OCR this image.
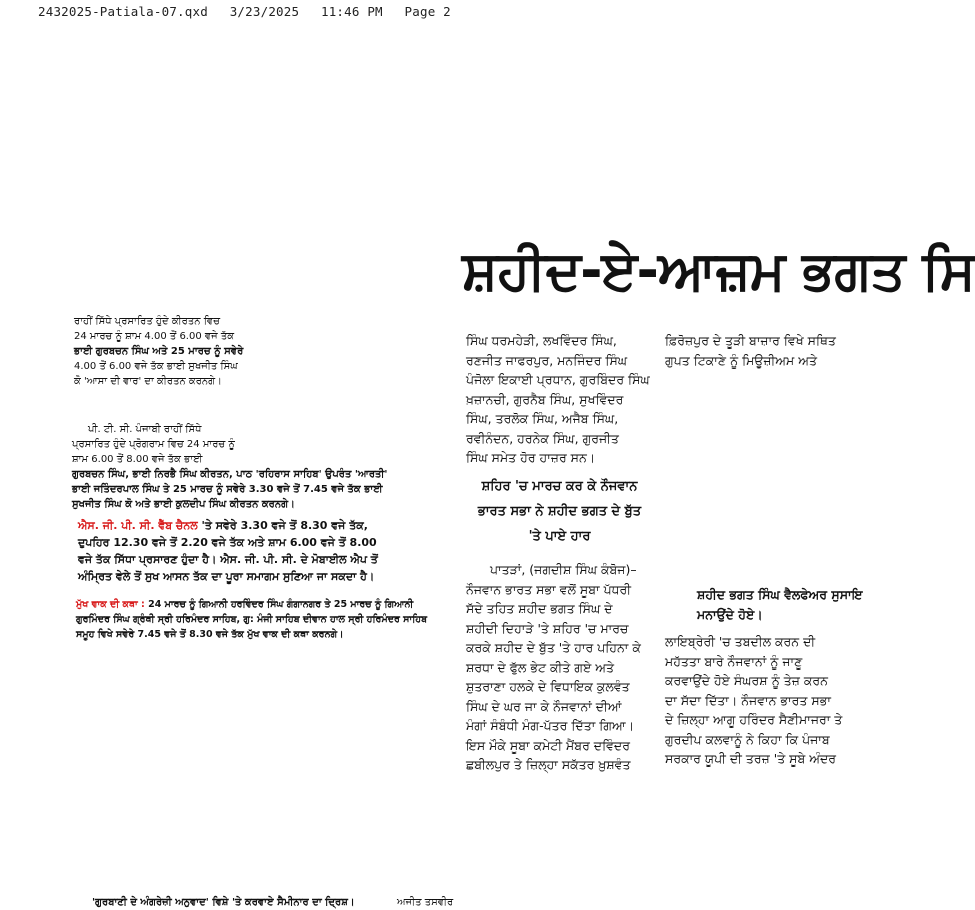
2432025-Patiala-07.qxd 3/23/2025 11:46 PM Page 2
ਸ਼ਹੀਦ-ਏ-ਆਜ਼ਮ ਭਗਤ ਸਿ
ਰਾਹੀਂ ਸਿੱਧੇ ਪ੍ਰਸਾਰਿਤ ਹੁੰਦੇ ਕੀਰਤਨ ਵਿਚ
24 ਮਾਰਚ ਨੂੰ ਸ਼ਾਮ 4.00 ਤੋਂ 6.00 ਵਜੇ ਤੱਕ
ਭਾਈ ਗੁਰਬਚਨ ਸਿੰਘ ਅਤੇ 25 ਮਾਰਚ ਨੂੰ ਸਵੇਰੇ
4.00 ਤੋਂ 6.00 ਵਜੇ ਤੱਕ ਭਾਈ ਸੁਖਜੀਤ ਸਿੰਘ
ਕੋ 'ਆਸਾ ਦੀ ਵਾਰ' ਦਾ ਕੀਰਤਨ ਕਰਨਗੇ।
ਪੀ. ਟੀ. ਸੀ. ਪੰਜਾਬੀ ਰਾਹੀਂ ਸਿੱਧੇ
ਪ੍ਰਸਾਰਿਤ ਹੁੰਦੇ ਪ੍ਰੋਗਰਾਮ ਵਿਚ 24 ਮਾਰਚ ਨੂੰ
ਸ਼ਾਮ 6.00 ਤੋਂ 8.00 ਵਜੇ ਤੱਕ ਭਾਈ
ਗੁਰਬਚਨ ਸਿੰਘ, ਭਾਈ ਨਿਰਭੈ ਸਿੰਘ ਕੀਰਤਨ, ਪਾਠ 'ਰਹਿਰਾਸ ਸਾਹਿਬ' ਉਪਰੰਤ 'ਆਰਤੀ'
ਭਾਈ ਜਤਿੰਦਰਪਾਲ ਸਿੰਘ ਤੇ 25 ਮਾਰਚ ਨੂੰ ਸਵੇਰੇ 3.30 ਵਜੇ ਤੋਂ 7.45 ਵਜੇ ਤੱਕ ਭਾਈ
ਸੁਖਜੀਤ ਸਿੰਘ ਕੋ ਅਤੇ ਭਾਈ ਕੁਲਦੀਪ ਸਿੰਘ ਕੀਰਤਨ ਕਰਨਗੇ।
ਐਸ. ਜੀ. ਪੀ. ਸੀ. ਵੈੱਬ ਚੈਨਲ 'ਤੇ ਸਵੇਰੇ 3.30 ਵਜੇ ਤੋਂ 8.30 ਵਜੇ ਤੱਕ,
ਦੁਪਹਿਰ 12.30 ਵਜੇ ਤੋਂ 2.20 ਵਜੇ ਤੱਕ ਅਤੇ ਸ਼ਾਮ 6.00 ਵਜੇ ਤੋਂ 8.00
ਵਜੇ ਤੱਕ ਸਿੱਧਾ ਪ੍ਰਸਾਰਣ ਹੁੰਦਾ ਹੈ। ਐਸ. ਜੀ. ਪੀ. ਸੀ. ਦੇ ਮੋਬਾਈਲ ਐਪ ਤੋਂ
ਅੰਮ੍ਰਿਤ ਵੇਲੇ ਤੋਂ ਸੁਖ ਆਸਨ ਤੱਕ ਦਾ ਪੂਰਾ ਸਮਾਗਮ ਸੁਣਿਆ ਜਾ ਸਕਦਾ ਹੈ।
ਮੁੱਖ ਵਾਕ ਦੀ ਕਥਾ : 24 ਮਾਰਚ ਨੂੰ ਗਿਆਨੀ ਹਰਵਿੰਦਰ ਸਿੰਘ ਗੰਗਾਨਗਰ ਤੇ 25 ਮਾਰਚ ਨੂੰ ਗਿਆਨੀ
ਗੁਰਮਿੰਦਰ ਸਿੰਘ ਗ੍ਰੰਥੀ ਸ੍ਰੀ ਹਰਿਮੰਦਰ ਸਾਹਿਬ, ਗੁ: ਮੰਜੀ ਸਾਹਿਬ ਦੀਵਾਨ ਹਾਲ ਸ੍ਰੀ ਹਰਿਮੰਦਰ ਸਾਹਿਬ
ਸਮੂਹ ਵਿਖੇ ਸਵੇਰੇ 7.45 ਵਜੇ ਤੋਂ 8.30 ਵਜੇ ਤੱਕ ਮੁੱਖ ਵਾਕ ਦੀ ਕਥਾ ਕਰਨਗੇ।
'ਗੁਰਬਾਣੀ ਦੇ ਅੰਗਰੇਜ਼ੀ ਅਨੁਵਾਦ' ਵਿਸ਼ੇ 'ਤੇ ਕਰਵਾਏ ਸੈਮੀਨਾਰ ਦਾ ਦ੍ਰਿਸ਼।	ਅਜੀਤ ਤਸਵੀਰ
ਸਿੰਘ ਧਰਮਹੇੜੀ, ਲਖਵਿੰਦਰ ਸਿੰਘ,
ਰਣਜੀਤ ਜਾਫਰਪੁਰ, ਮਨਜਿੰਦਰ ਸਿੰਘ
ਪੰਜੋਲਾ ਇਕਾਈ ਪ੍ਰਧਾਨ, ਗੁਰਬਿੰਦਰ ਸਿੰਘ
ਖ਼ਜ਼ਾਨਚੀ, ਗੁਰਨੈਬ ਸਿੰਘ, ਸੁਖਵਿੰਦਰ
ਸਿੰਘ, ਤਰਲੋਕ ਸਿੰਘ, ਅਜੈਬ ਸਿੰਘ,
ਰਵੀਨੰਦਨ, ਹਰਨੇਕ ਸਿੰਘ, ਗੁਰਜੀਤ
ਸਿੰਘ ਸਮੇਤ ਹੋਰ ਹਾਜ਼ਰ ਸਨ।
ਸ਼ਹਿਰ 'ਚ ਮਾਰਚ ਕਰ ਕੇ ਨੌਜਵਾਨ
ਭਾਰਤ ਸਭਾ ਨੇ ਸ਼ਹੀਦ ਭਗਤ ਦੇ ਬੁੱਤ
'ਤੇ ਪਾਏ ਹਾਰ
ਪਾਤੜਾਂ, (ਜਗਦੀਸ਼ ਸਿੰਘ ਕੰਬੋਜ)–
ਨੌਜਵਾਨ ਭਾਰਤ ਸਭਾ ਵਲੋਂ ਸੂਬਾ ਪੱਧਰੀ
ਸੱਦੇ ਤਹਿਤ ਸ਼ਹੀਦ ਭਗਤ ਸਿੰਘ ਦੇ
ਸ਼ਹੀਦੀ ਦਿਹਾੜੇ 'ਤੇ ਸ਼ਹਿਰ 'ਚ ਮਾਰਚ
ਕਰਕੇ ਸ਼ਹੀਦ ਦੇ ਬੁੱਤ 'ਤੇ ਹਾਰ ਪਹਿਨਾ ਕੇ
ਸ਼ਰਧਾ ਦੇ ਫੁੱਲ ਭੇਟ ਕੀਤੇ ਗਏ ਅਤੇ
ਸ਼ੁਤਰਾਣਾ ਹਲਕੇ ਦੇ ਵਿਧਾਇਕ ਕੁਲਵੰਤ
ਸਿੰਘ ਦੇ ਘਰ ਜਾ ਕੇ ਨੌਜਵਾਨਾਂ ਦੀਆਂ
ਮੰਗਾਂ ਸੰਬੰਧੀ ਮੰਗ-ਪੱਤਰ ਦਿੱਤਾ ਗਿਆ।
ਇਸ ਮੌਕੇ ਸੂਬਾ ਕਮੇਟੀ ਮੈਂਬਰ ਦਵਿੰਦਰ
ਛਬੀਲਪੁਰ ਤੇ ਜ਼ਿਲ੍ਹਾ ਸਕੱਤਰ ਖ਼ੁਸ਼ਵੰਤ
ਫ਼ਿਰੋਜ਼ਪੁਰ ਦੇ ਤੂੜੀ ਬਾਜ਼ਾਰ ਵਿਖੇ ਸਥਿਤ
ਗੁਪਤ ਟਿਕਾਣੇ ਨੂੰ ਮਿਊਜ਼ੀਅਮ ਅਤੇ
ਸ਼ਹੀਦ ਭਗਤ ਸਿੰਘ ਵੈਲਫੇਅਰ ਸੁਸਾਇ
ਮਨਾਉਂਦੇ ਹੋਏ।
ਲਾਇਬ੍ਰੇਰੀ 'ਚ ਤਬਦੀਲ ਕਰਨ ਦੀ
ਮਹੱਤਤਾ ਬਾਰੇ ਨੌਜਵਾਨਾਂ ਨੂੰ ਜਾਣੂ
ਕਰਵਾਉਂਦੇ ਹੋਏ ਸੰਘਰਸ਼ ਨੂੰ ਤੇਜ਼ ਕਰਨ
ਦਾ ਸੱਦਾ ਦਿੱਤਾ। ਨੌਜਵਾਨ ਭਾਰਤ ਸਭਾ
ਦੇ ਜ਼ਿਲ੍ਹਾ ਆਗੂ ਹਰਿੰਦਰ ਸੈਣੀਮਾਜਰਾ ਤੇ
ਗੁਰਦੀਪ ਕਲਵਾਨੂੰ ਨੇ ਕਿਹਾ ਕਿ ਪੰਜਾਬ
ਸਰਕਾਰ ਯੂਪੀ ਦੀ ਤਰਜ਼ 'ਤੇ ਸੂਬੇ ਅੰਦਰ
